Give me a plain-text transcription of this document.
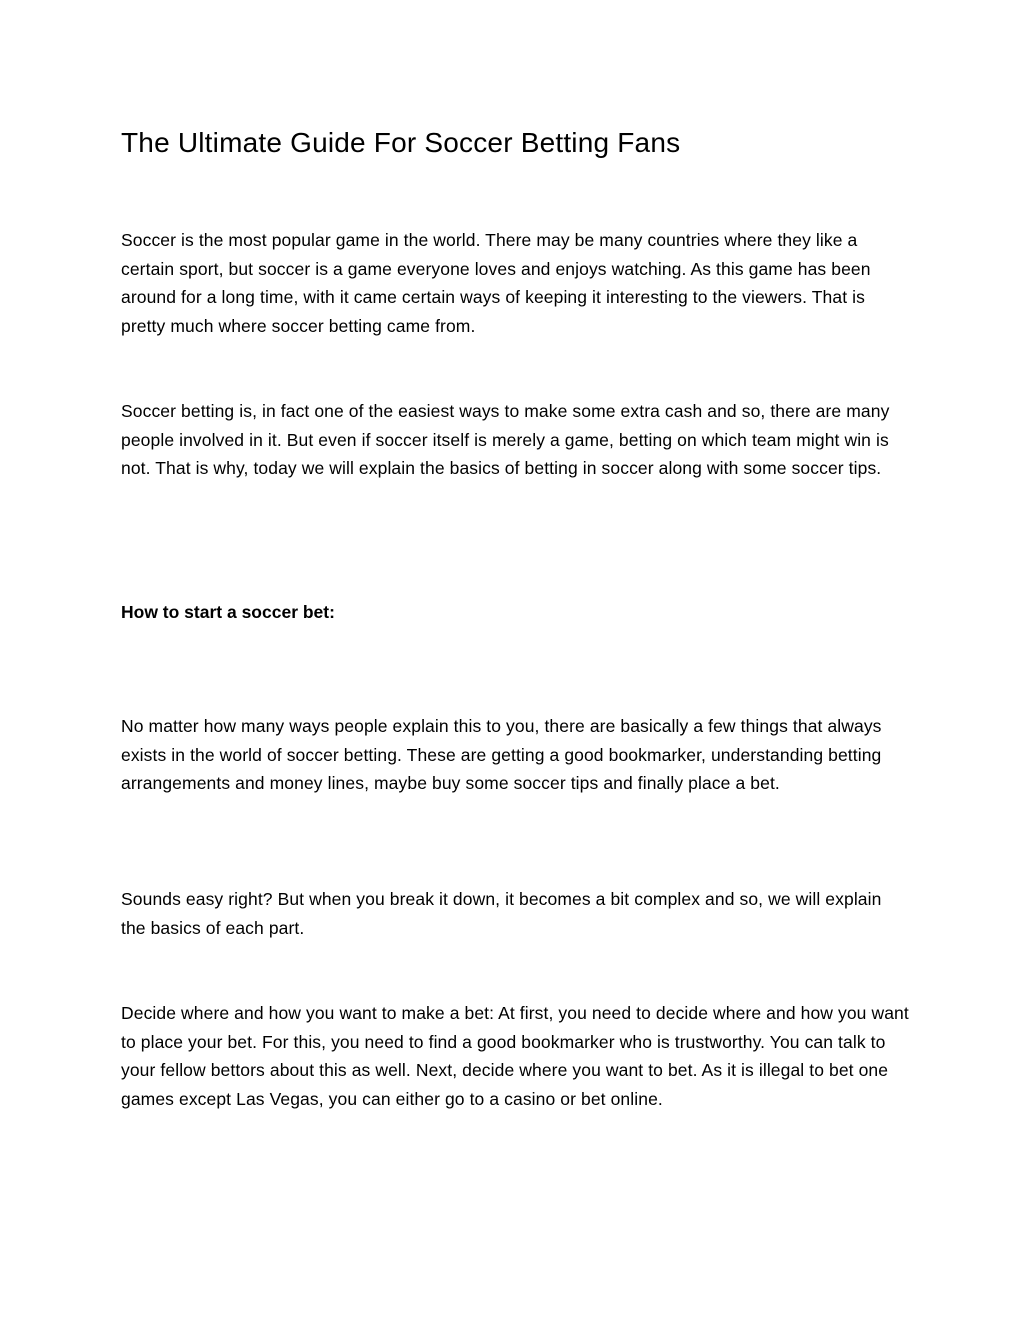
The Ultimate Guide For Soccer Betting Fans

Soccer is the most popular game in the world. There may be many countries where they like a certain sport, but soccer is a game everyone loves and enjoys watching. As this game has been around for a long time, with it came certain ways of keeping it interesting to the viewers. That is pretty much where soccer betting came from.

Soccer betting is, in fact one of the easiest ways to make some extra cash and so, there are many people involved in it. But even if soccer itself is merely a game, betting on which team might win is not. That is why, today we will explain the basics of betting in soccer along with some soccer tips.

How to start a soccer bet:

No matter how many ways people explain this to you, there are basically a few things that always exists in the world of soccer betting. These are getting a good bookmarker, understanding betting arrangements and money lines, maybe buy some soccer tips and finally place a bet.

Sounds easy right? But when you break it down, it becomes a bit complex and so, we will explain the basics of each part.

Decide where and how you want to make a bet: At first, you need to decide where and how you want to place your bet. For this, you need to find a good bookmarker who is trustworthy. You can talk to your fellow bettors about this as well. Next, decide where you want to bet. As it is illegal to bet one games except Las Vegas, you can either go to a casino or bet online.
